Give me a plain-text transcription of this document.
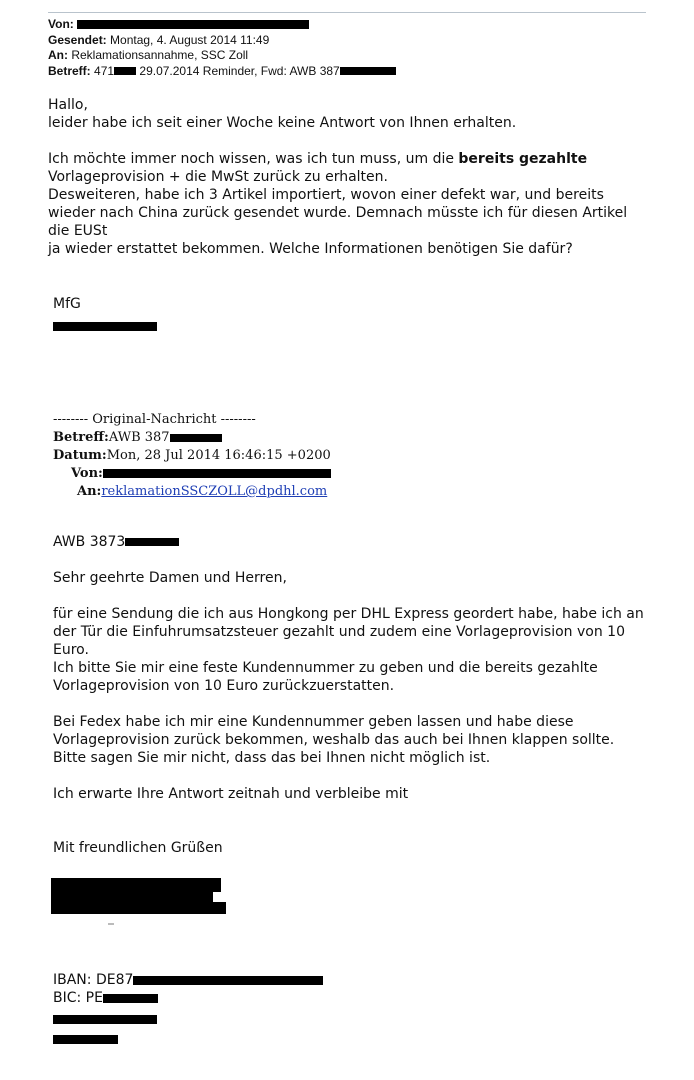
Von:
Gesendet: Montag, 4. August 2014 11:49
An: Reklamationsannahme, SSC Zoll
Betreff: 471 29.07.2014 Reminder, Fwd: AWB 387

Hallo,

leider habe ich seit einer Woche keine Antwort von Ihnen erhalten.

Ich möchte immer noch wissen, was ich tun muss, um die bereits gezahlte

Vorlageprovision + die MwSt zurück zu erhalten.

Desweiteren, habe ich 3 Artikel importiert, wovon einer defekt war, und bereits

wieder nach China zurück gesendet wurde. Demnach müsste ich für diesen Artikel

die EUSt

ja wieder erstattet bekommen. Welche Informationen benötigen Sie dafür?

MfG
-------- Original-Nachricht --------
Betreff:AWB 387
Datum:Mon, 28 Jul 2014 16:46:15 +0200
Von:
An:reklamationSSCZOLL@dpdhl.com

AWB 3873

Sehr geehrte Damen und Herren,

für eine Sendung die ich aus Hongkong per DHL Express geordert habe, habe ich an

der Tür die Einfuhrumsatzsteuer gezahlt und zudem eine Vorlageprovision von 10

Euro.

Ich bitte Sie mir eine feste Kundennummer zu geben und die bereits gezahlte

Vorlageprovision von 10 Euro zurückzuerstatten.

Bei Fedex habe ich mir eine Kundennummer geben lassen und habe diese

Vorlageprovision zurück bekommen, weshalb das auch bei Ihnen klappen sollte.

Bitte sagen Sie mir nicht, dass das bei Ihnen nicht möglich ist.

Ich erwarte Ihre Antwort zeitnah und verbleibe mit

Mit freundlichen Grüßen

IBAN: DE87
BIC: PE
